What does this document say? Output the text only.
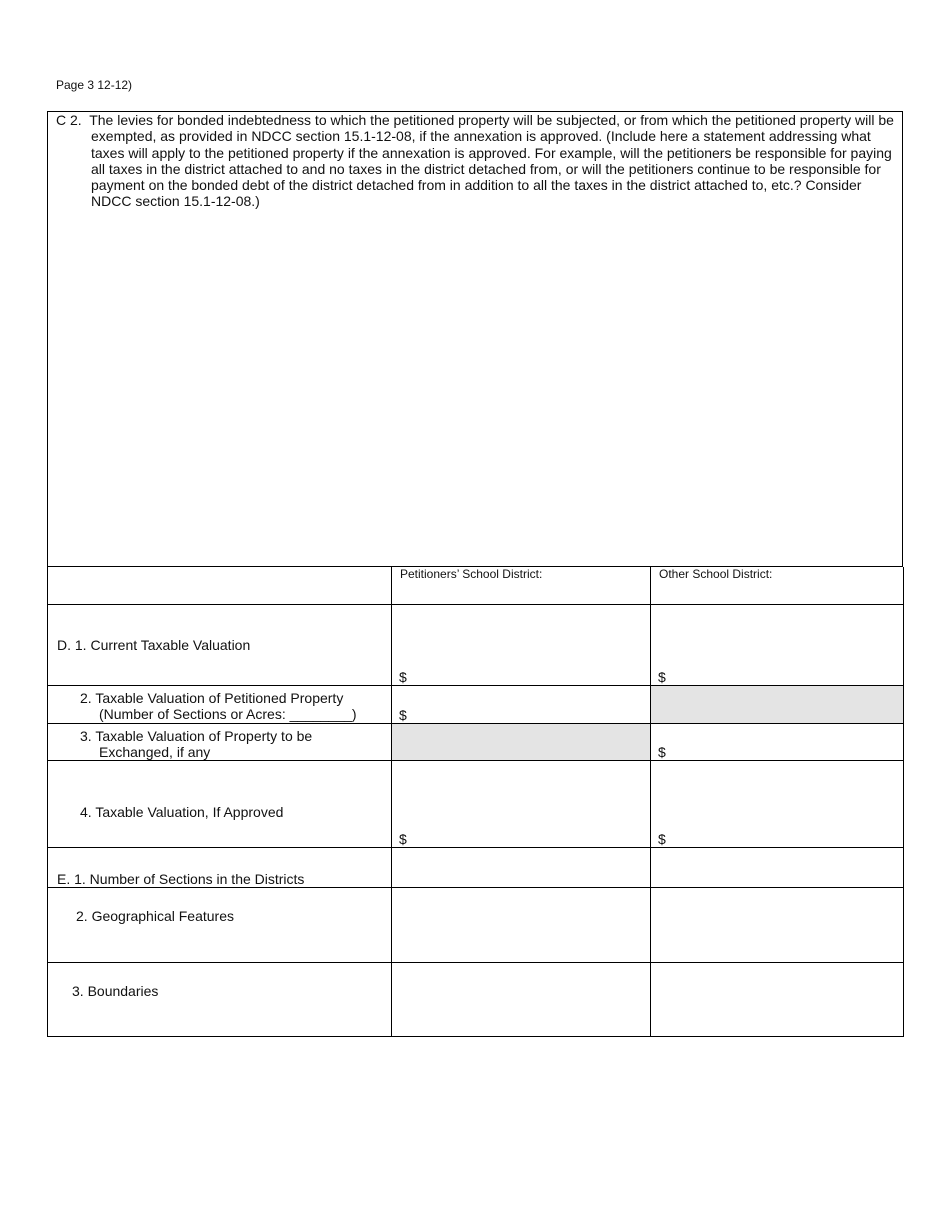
Page 3 12-12)
C 2. The levies for bonded indebtedness to which the petitioned property will be subjected, or from which the petitioned property will be exempted, as provided in NDCC section 15.1-12-08, if the annexation is approved. (Include here a statement addressing what taxes will apply to the petitioned property if the annexation is approved. For example, will the petitioners be responsible for paying all taxes in the district attached to and no taxes in the district detached from, or will the petitioners continue to be responsible for payment on the bonded debt of the district detached from in addition to all the taxes in the district attached to, etc.? Consider NDCC section 15.1-12-08.)
	Petitioners’ School District:	Other School District:

D. 1. Current Taxable Valuation	$	$

2. Taxable Valuation of Petitioned Property
(Number of Sections or Acres: ________)	$	

3. Taxable Valuation of Property to be
Exchanged, if any		$

4. Taxable Valuation, If Approved	$	$

E. 1. Number of Sections in the Districts		

2. Geographical Features		

3. Boundaries		
